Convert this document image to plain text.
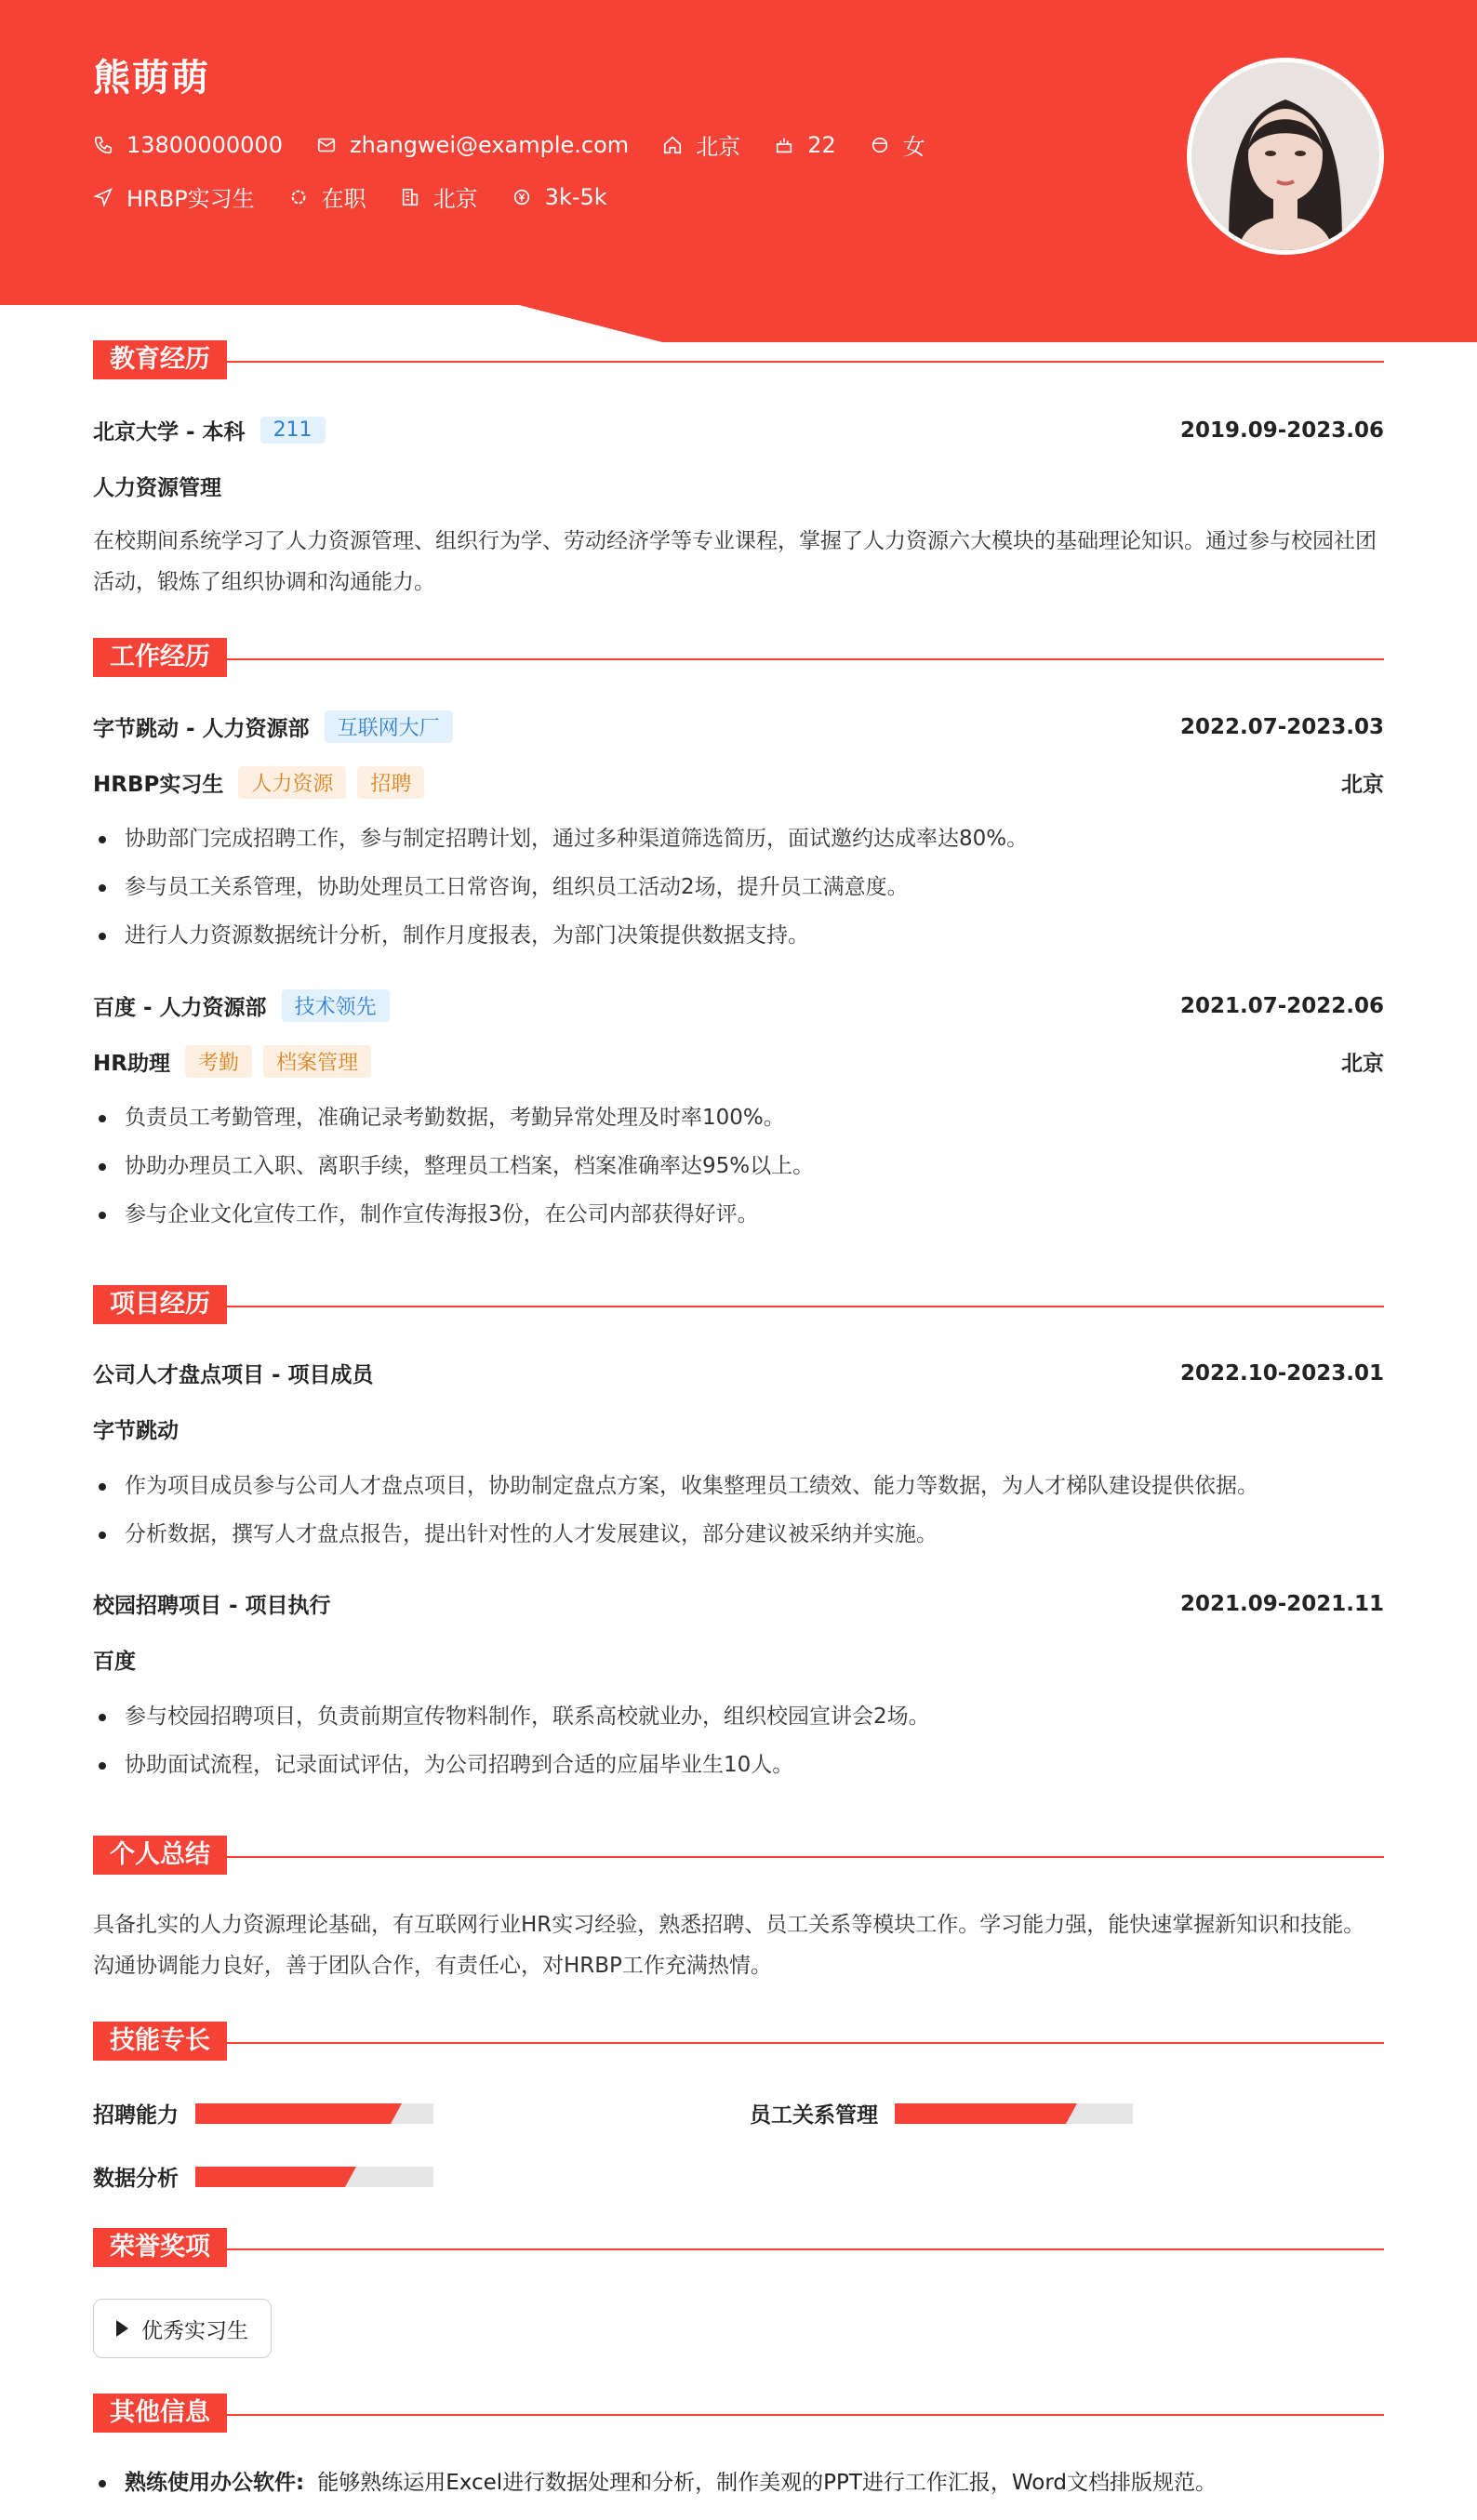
熊萌萌
13800000000	zhangwei@example.com	北京	22	女
HRBP实习生	在职	北京	3k-5k
教育经历
北京大学 - 本科	211	2019.09-2023.06
人力资源管理
在校期间系统学习了人力资源管理、组织行为学、劳动经济学等专业课程，掌握了人力资源六大模块的基础理论知识。通过参与校园社团活动，锻炼了组织协调和沟通能力。
工作经历
字节跳动 - 人力资源部	互联网大厂	2022.07-2023.03
HRBP实习生	人力资源	招聘	北京
协助部门完成招聘工作，参与制定招聘计划，通过多种渠道筛选简历，面试邀约达成率达80%。
参与员工关系管理，协助处理员工日常咨询，组织员工活动2场，提升员工满意度。
进行人力资源数据统计分析，制作月度报表，为部门决策提供数据支持。
百度 - 人力资源部	技术领先	2021.07-2022.06
HR助理	考勤	档案管理	北京
负责员工考勤管理，准确记录考勤数据，考勤异常处理及时率100%。
协助办理员工入职、离职手续，整理员工档案，档案准确率达95%以上。
参与企业文化宣传工作，制作宣传海报3份，在公司内部获得好评。
项目经历
公司人才盘点项目 - 项目成员	2022.10-2023.01
字节跳动
作为项目成员参与公司人才盘点项目，协助制定盘点方案，收集整理员工绩效、能力等数据，为人才梯队建设提供依据。
分析数据，撰写人才盘点报告，提出针对性的人才发展建议，部分建议被采纳并实施。
校园招聘项目 - 项目执行	2021.09-2021.11
百度
参与校园招聘项目，负责前期宣传物料制作，联系高校就业办，组织校园宣讲会2场。
协助面试流程，记录面试评估，为公司招聘到合适的应届毕业生10人。
个人总结
具备扎实的人力资源理论基础，有互联网行业HR实习经验，熟悉招聘、员工关系等模块工作。学习能力强，能快速掌握新知识和技能。沟通协调能力良好，善于团队合作，有责任心，对HRBP工作充满热情。
技能专长
招聘能力	员工关系管理
数据分析
荣誉奖项
优秀实习生
其他信息
熟练使用办公软件: 能够熟练运用Excel进行数据处理和分析，制作美观的PPT进行工作汇报，Word文档排版规范。
